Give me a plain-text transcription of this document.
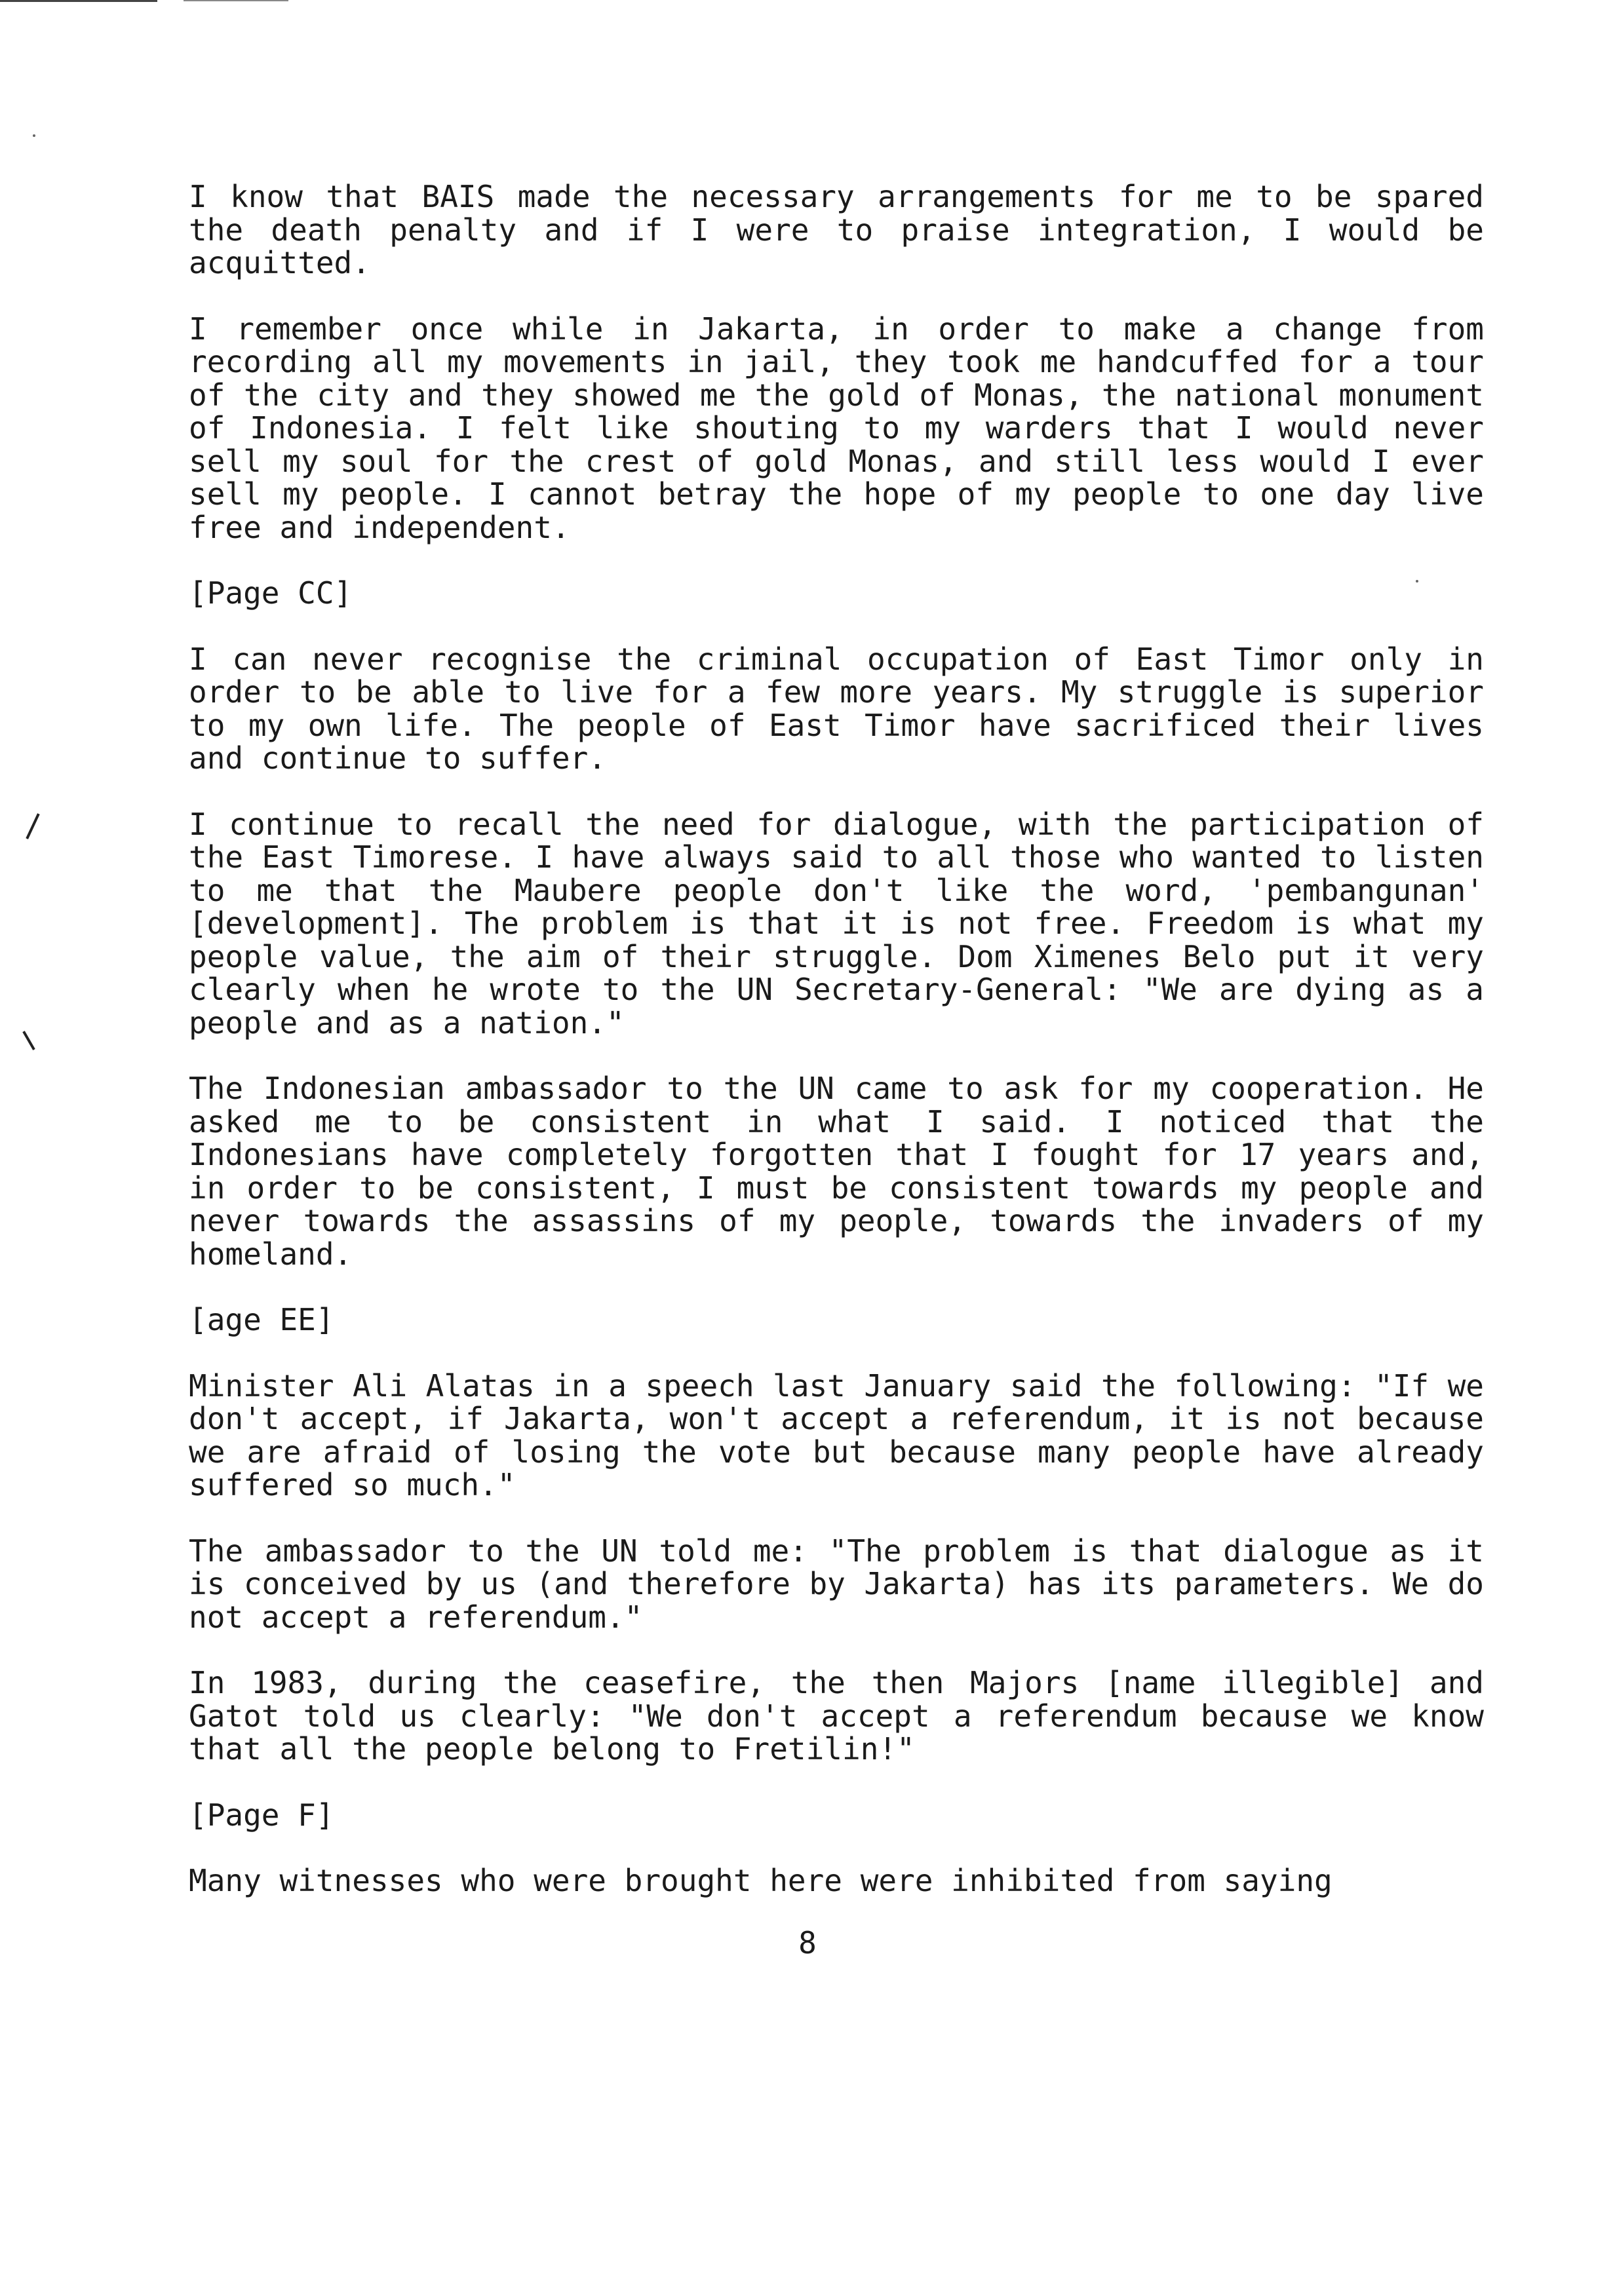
I know that BAIS made the necessary arrangements for me to be spared the death penalty and if I were to praise integration, I would be acquitted.

I remember once while in Jakarta, in order to make a change from recording all my movements in jail, they took me handcuffed for a tour of the city and they showed me the gold of Monas, the national monument of Indonesia. I felt like shouting to my warders that I would never sell my soul for the crest of gold Monas, and still less would I ever sell my people. I cannot betray the hope of my people to one day live free and independent.

[Page CC]

I can never recognise the criminal occupation of East Timor only in order to be able to live for a few more years. My struggle is superior to my own life. The people of East Timor have sacrificed their lives and continue to suffer.

I continue to recall the need for dialogue, with the participation of the East Timorese. I have always said to all those who wanted to listen to me that the Maubere people don't like the word, 'pembangunan' [development]. The problem is that it is not free. Freedom is what my people value, the aim of their struggle. Dom Ximenes Belo put it very clearly when he wrote to the UN Secretary-General: "We are dying as a people and as a nation."

The Indonesian ambassador to the UN came to ask for my cooperation. He asked me to be consistent in what I said. I noticed that the Indonesians have completely forgotten that I fought for 17 years and, in order to be consistent, I must be consistent towards my people and never towards the assassins of my people, towards the invaders of my homeland.

[age EE]

Minister Ali Alatas in a speech last January said the following: "If we don't accept, if Jakarta, won't accept a referendum, it is not because we are afraid of losing the vote but because many people have already suffered so much."

The ambassador to the UN told me: "The problem is that dialogue as it is conceived by us (and therefore by Jakarta) has its parameters. We do not accept a referendum."

In 1983, during the ceasefire, the then Majors [name illegible] and Gatot told us clearly: "We don't accept a referendum because we know that all the people belong to Fretilin!"

[Page F]

Many witnesses who were brought here were inhibited from saying

8
